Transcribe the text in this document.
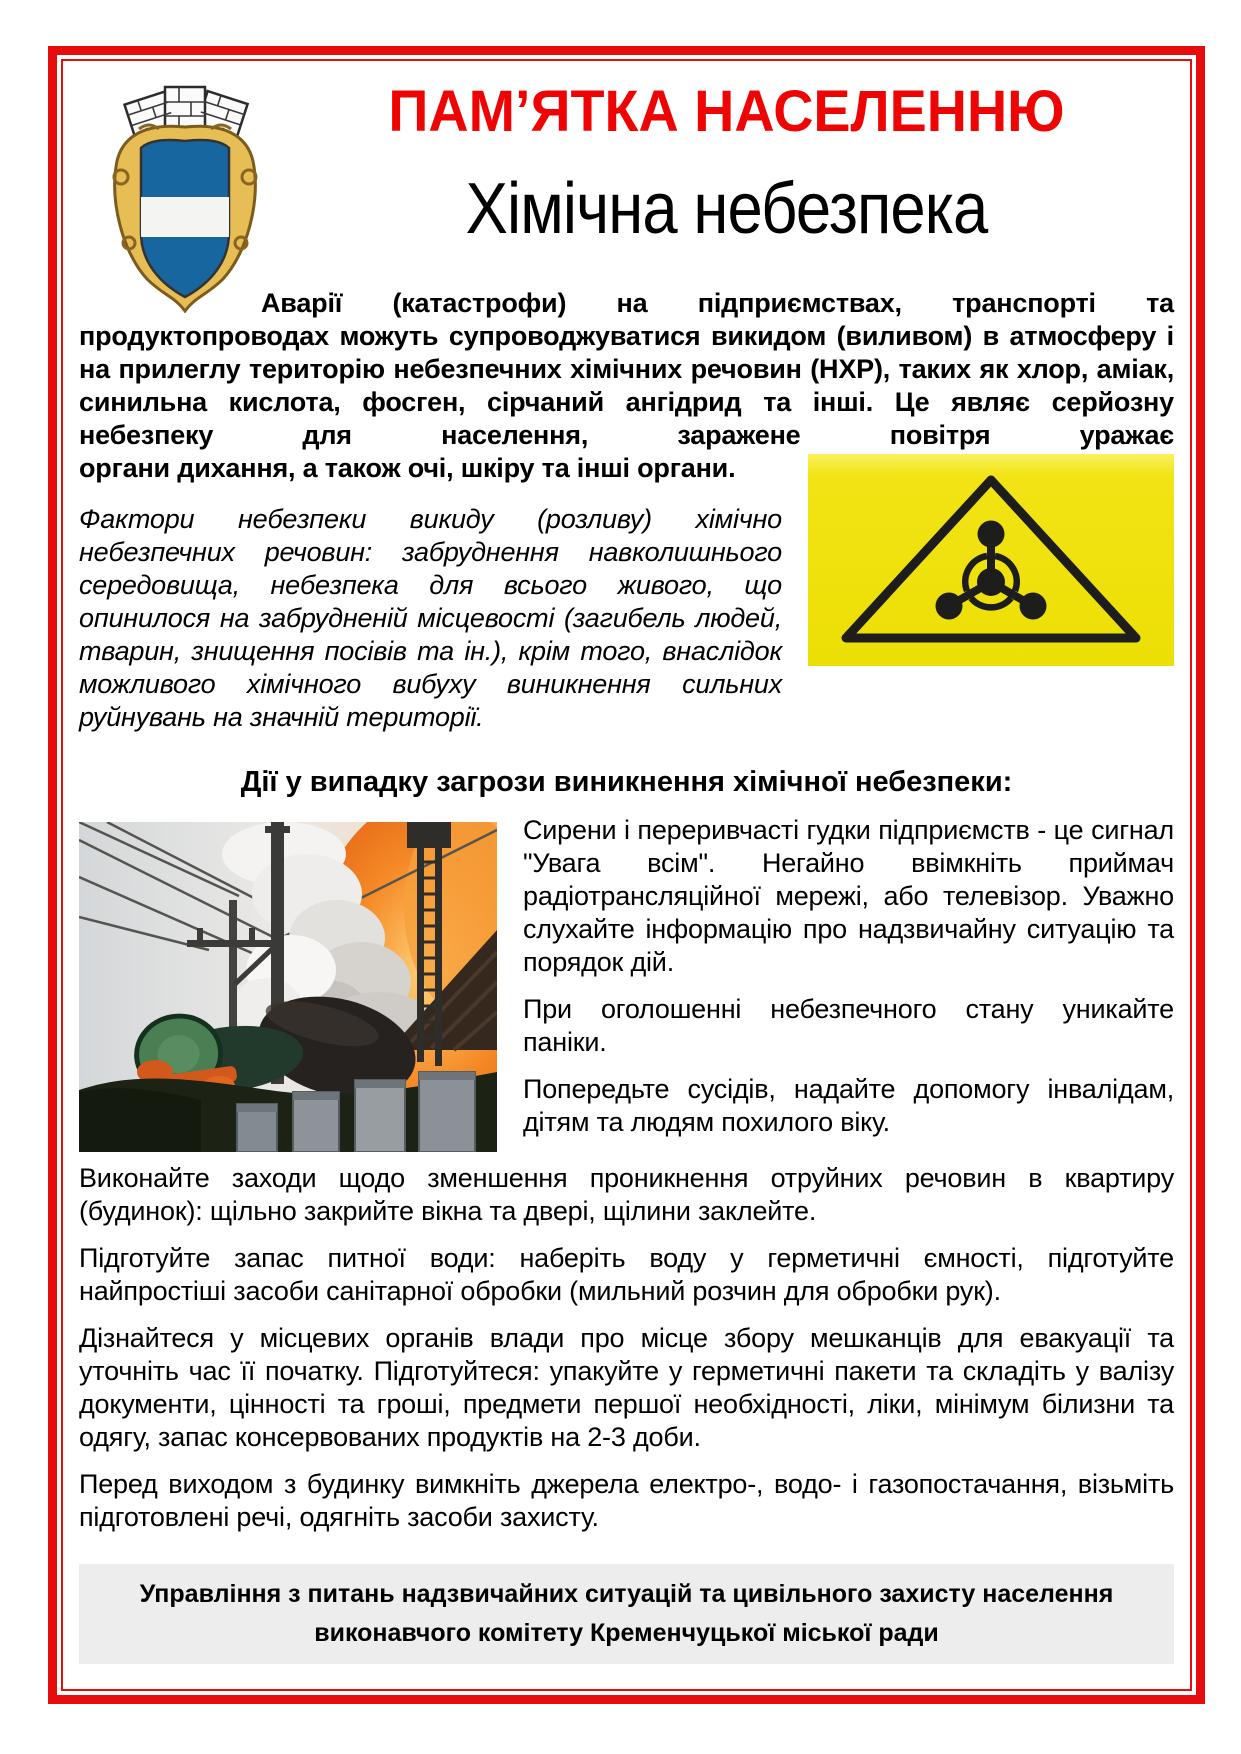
ПАМ’ЯТКА НАСЕЛЕННЮ
Хімічна небезпека

Аварії (катастрофи) на підприємствах, транспорті та продуктопроводах можуть супроводжуватися викидом (виливом) в атмосферу і на прилеглу територію небезпечних хімічних речовин (НХР), таких як хлор, аміак, синильна кислота, фосген, сірчаний ангідрид та інші. Це являє серйозну небезпеку для населення, заражене повітря уражає

органи дихання, а також очі, шкіру та інші органи.

Фактори небезпеки викиду (розливу) хімічно небезпечних речовин: забруднення навколишнього середовища, небезпека для всього живого, що опинилося на забрудненій місцевості (загибель людей, тварин, знищення посівів та ін.), крім того, внаслідок можливого хімічного вибуху виникнення сильних руйнувань на значній території.

Дії у випадку загрози виникнення хімічної небезпеки:

Сирени і переривчасті гудки підприємств - це сигнал "Увага всім". Негайно ввімкніть приймач радіотрансляційної мережі, або телевізор. Уважно слухайте інформацію про надзвичайну ситуацію та порядок дій.

При оголошенні небезпечного стану уникайте паніки.

Попередьте сусідів, надайте допомогу інвалідам, дітям та людям похилого віку.

Виконайте заходи щодо зменшення проникнення отруйних речовин в квартиру (будинок): щільно закрийте вікна та двері, щілини заклейте.

Підготуйте запас питної води: наберіть воду у герметичні ємності, підготуйте найпростіші засоби санітарної обробки (мильний розчин для обробки рук).

Дізнайтеся у місцевих органів влади про місце збору мешканців для евакуації та уточніть час її початку. Підготуйтеся: упакуйте у герметичні пакети та складіть у валізу документи, цінності та гроші, предмети першої необхідності, ліки, мінімум білизни та одягу, запас консервованих продуктів на 2-3 доби.

Перед виходом з будинку вимкніть джерела електро-, водо- і газопостачання, візьміть підготовлені речі, одягніть засоби захисту.

Управління з питань надзвичайних ситуацій та цивільного захисту населення
виконавчого комітету Кременчуцької міської ради
